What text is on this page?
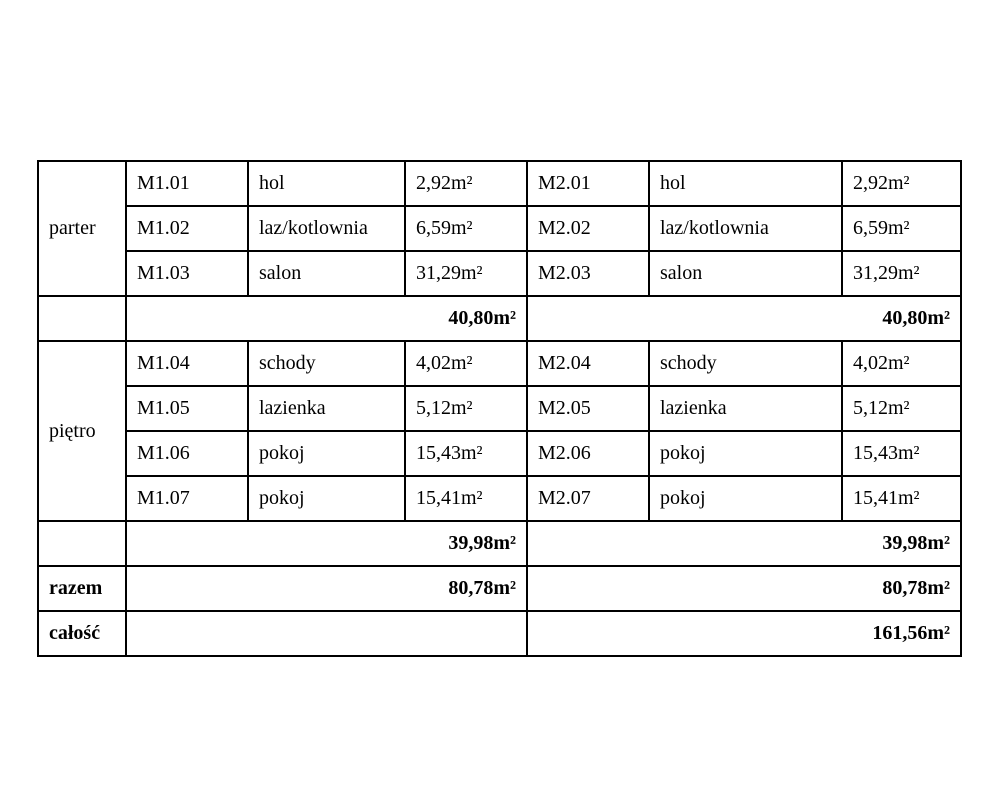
parter	M1.01	hol	2,92m²	M2.01	hol	2,92m²
	M1.02	laz/kotlownia	6,59m²	M2.02	laz/kotlownia	6,59m²
	M1.03	salon	31,29m²	M2.03	salon	31,29m²
	40,80m²			40,80m²		
piętro	M1.04	schody	4,02m²	M2.04	schody	4,02m²
	M1.05	lazienka	5,12m²	M2.05	lazienka	5,12m²
	M1.06	pokoj	15,43m²	M2.06	pokoj	15,43m²
	M1.07	pokoj	15,41m²	M2.07	pokoj	15,41m²
	39,98m²			39,98m²		
razem	80,78m²			80,78m²		
całość				161,56m²		
